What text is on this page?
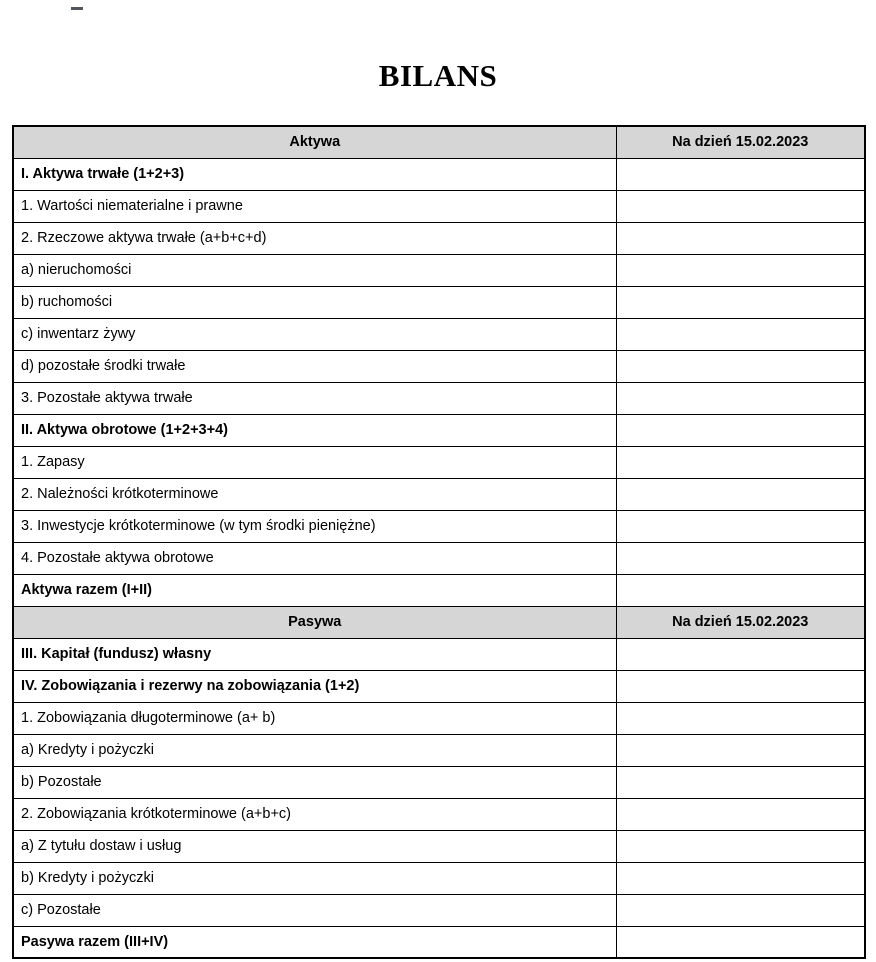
BILANS
Aktywa	Na dzień 15.02.2023
I. Aktywa trwałe (1+2+3)	
1. Wartości niematerialne i prawne	
2. Rzeczowe aktywa trwałe (a+b+c+d)	
a) nieruchomości	
b) ruchomości	
c) inwentarz żywy	
d) pozostałe środki trwałe	
3. Pozostałe aktywa trwałe	
II. Aktywa obrotowe (1+2+3+4)	
1. Zapasy	
2. Należności krótkoterminowe	
3. Inwestycje krótkoterminowe (w tym środki pieniężne)	
4. Pozostałe aktywa obrotowe	
Aktywa razem (I+II)	
Pasywa	Na dzień 15.02.2023
III. Kapitał (fundusz) własny	
IV. Zobowiązania i rezerwy na zobowiązania (1+2)	
1. Zobowiązania długoterminowe (a+ b)	
a) Kredyty i pożyczki	
b) Pozostałe	
2. Zobowiązania krótkoterminowe (a+b+c)	
a) Z tytułu dostaw i usług	
b) Kredyty i pożyczki	
c) Pozostałe	
Pasywa razem (III+IV)	
